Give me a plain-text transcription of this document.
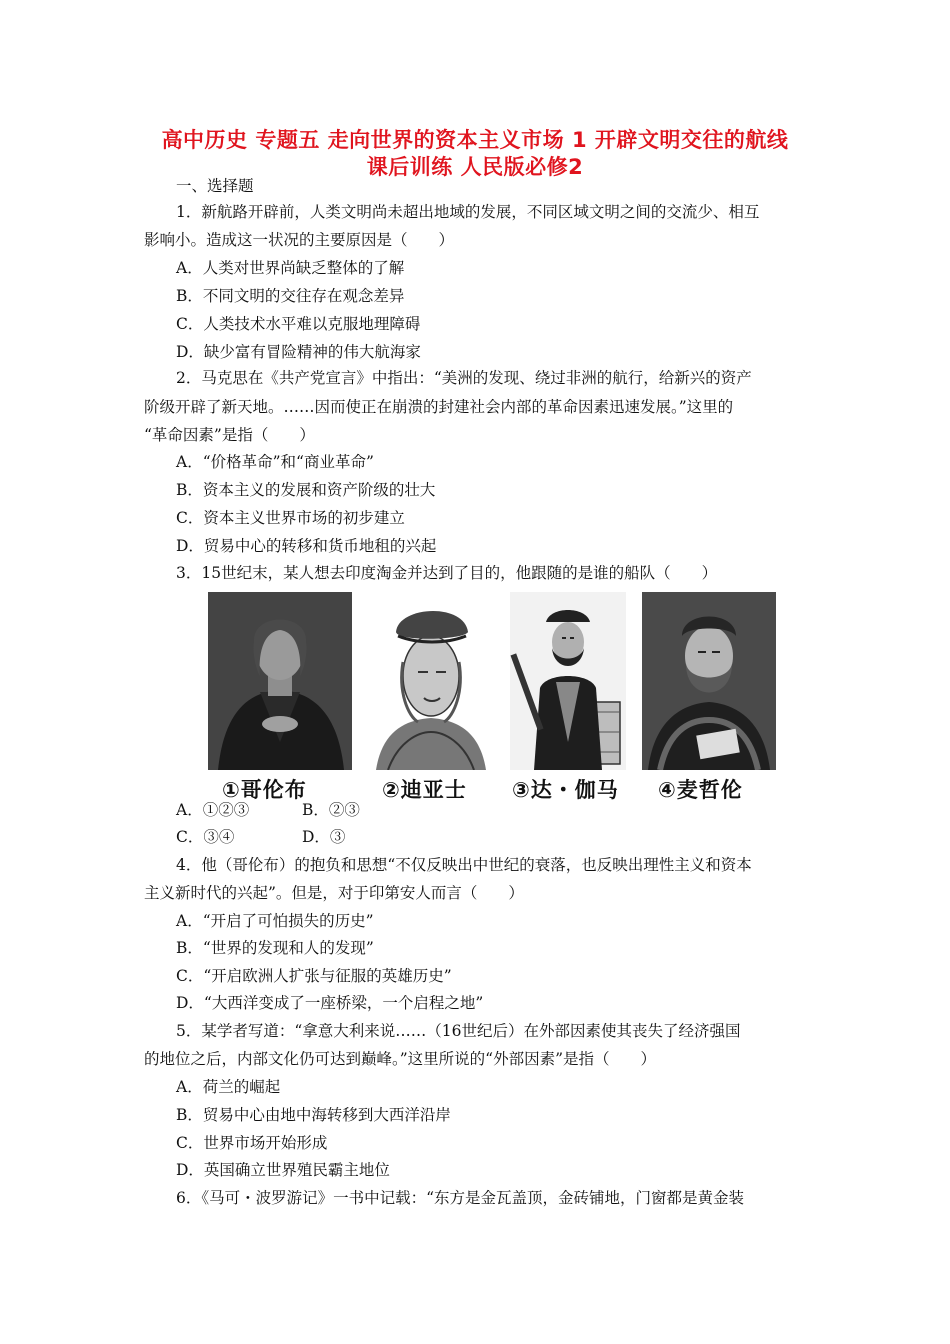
高中历史 专题五 走向世界的资本主义市场 1 开辟文明交往的航线
课后训练 人民版必修2
一、选择题
1．新航路开辟前，人类文明尚未超出地域的发展，不同区域文明之间的交流少、相互
影响小。造成这一状况的主要原因是（　　）
A．人类对世界尚缺乏整体的了解
B．不同文明的交往存在观念差异
C．人类技术水平难以克服地理障碍
D．缺少富有冒险精神的伟大航海家
2．马克思在《共产党宣言》中指出：“美洲的发现、绕过非洲的航行，给新兴的资产
阶级开辟了新天地。……因而使正在崩溃的封建社会内部的革命因素迅速发展。”这里的
“革命因素”是指（　　）
A．“价格革命”和“商业革命”
B．资本主义的发展和资产阶级的壮大
C．资本主义世界市场的初步建立
D．贸易中心的转移和货币地租的兴起
3．15世纪末，某人想去印度淘金并达到了目的，他跟随的是谁的船队（　　）
①哥伦布	②迪亚士 ③达・伽马 ④麦哲伦
A．①②③	B．②③
C．③④	D．③
4．他（哥伦布）的抱负和思想“不仅反映出中世纪的衰落，也反映出理性主义和资本
主义新时代的兴起”。但是，对于印第安人而言（　　）
A．“开启了可怕损失的历史”
B．“世界的发现和人的发现”
C．“开启欧洲人扩张与征服的英雄历史”
D．“大西洋变成了一座桥梁，一个启程之地”
5．某学者写道：“拿意大利来说……（16世纪后）在外部因素使其丧失了经济强国
的地位之后，内部文化仍可达到巅峰。”这里所说的“外部因素”是指（　　）
A．荷兰的崛起
B．贸易中心由地中海转移到大西洋沿岸
C．世界市场开始形成
D．英国确立世界殖民霸主地位
6．《马可・波罗游记》一书中记载：“东方是金瓦盖顶，金砖铺地，门窗都是黄金装
